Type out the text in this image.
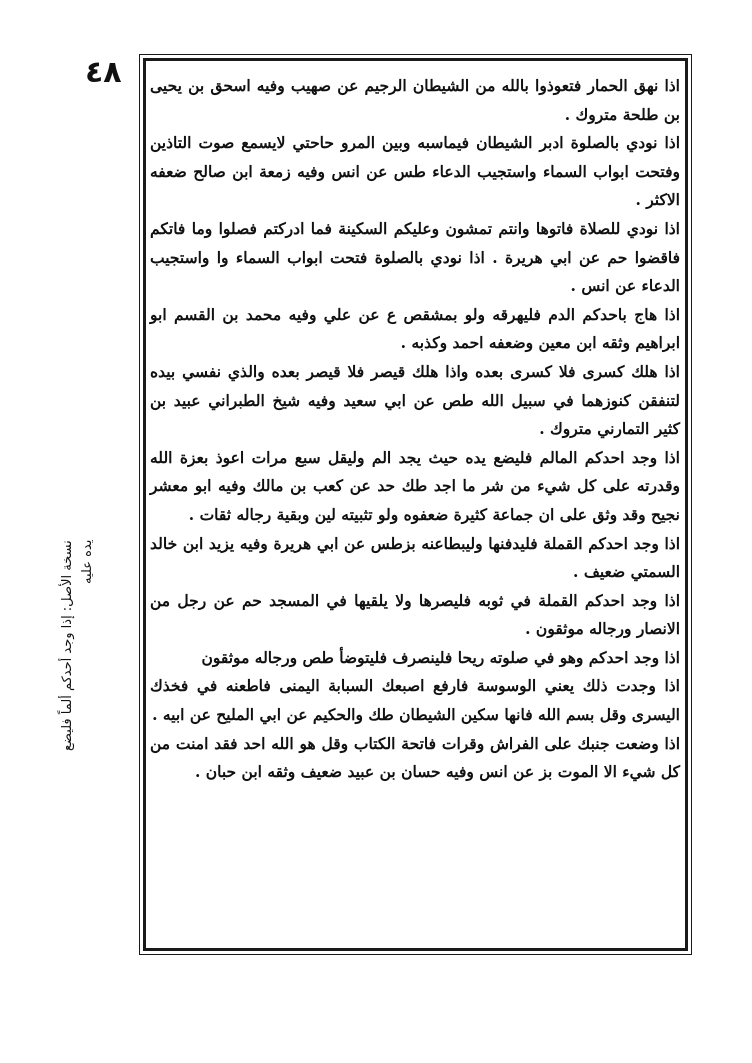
٤٨
نسخة الأصل: إذا وجد أحدكم ألماً فليضع يده عليه

اذا نهق الحمار فتعوذوا بالله من الشيطان الرجيم عن صهيب وفيه اسحق بن يحيى بن طلحة متروك .

اذا نودي بالصلوة ادبر الشيطان فيماسبه وبين المرو حاحتي لايسمع صوت التاذين وفتحت ابواب السماء واستجيب الدعاء طس عن انس وفيه زمعة ابن صالح ضعفه الاكثر .

اذا نودي للصلاة فاتوها وانتم تمشون وعليكم السكينة فما ادركتم فصلوا وما فاتكم فاقضوا حم عن ابي هريرة . اذا نودي بالصلوة فتحت ابواب السماء وا واستجيب الدعاء عن انس .

اذا هاج باحدكم الدم فليهرقه ولو بمشقص ع عن علي وفيه محمد بن القسم ابو ابراهيم وثقه ابن معين وضعفه احمد وكذبه .

اذا هلك كسرى فلا كسرى بعده واذا هلك قيصر فلا قيصر بعده والذي نفسي بيده لتنفقن كنوزهما في سبيل الله طص عن ابي سعيد وفيه شيخ الطبراني عبيد بن كثير التمارني متروك .

اذا وجد احدكم المالم فليضع يده حيث يجد الم وليقل سبع مرات اعوذ بعزة الله وقدرته على كل شيء من شر ما اجد طك حد عن كعب بن مالك وفيه ابو معشر نجيح وقد وثق على ان جماعة كثيرة ضعفوه ولو تثبيته لين وبقية رجاله ثقات .

اذا وجد احدكم القملة فليدفنها وليبطاعنه بزطس عن ابي هريرة وفيه يزيد ابن خالد السمتي ضعيف .

اذا وجد احدكم القملة في ثوبه فليصرها ولا يلقيها في المسجد حم عن رجل من الانصار ورجاله موثقون .

اذا وجد احدكم وهو في صلوته ريحا فلينصرف فليتوضأ طص ورجاله موثقون

اذا وجدت ذلك يعني الوسوسة فارفع اصبعك السبابة اليمنى فاطعنه في فخذك اليسرى وقل بسم الله فانها سكين الشيطان طك والحكيم عن ابي المليح عن ابيه .

اذا وضعت جنبك على الفراش وقرات فاتحة الكتاب وقل هو الله احد فقد امنت من كل شيء الا الموت بز عن انس وفيه حسان بن عبيد ضعيف وثقه ابن حبان .
